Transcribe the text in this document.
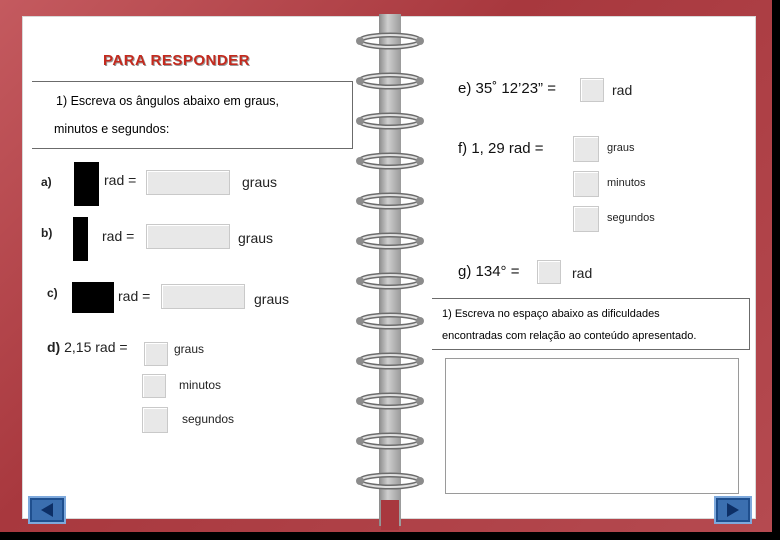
PARA RESPONDER
1) Escreva os ângulos abaixo em graus,
minutos e segundos:
a)	rad =	graus
b)	rad =	graus
c)	rad =	graus
d) 2,15 rad =	graus
minutos
segundos
e) 35˚ 12’23” =	rad
f) 1, 29 rad =	graus
minutos
segundos
g) 134° =	rad
1) Escreva no espaço abaixo as dificuldades
encontradas com relação ao conteúdo apresentado.
